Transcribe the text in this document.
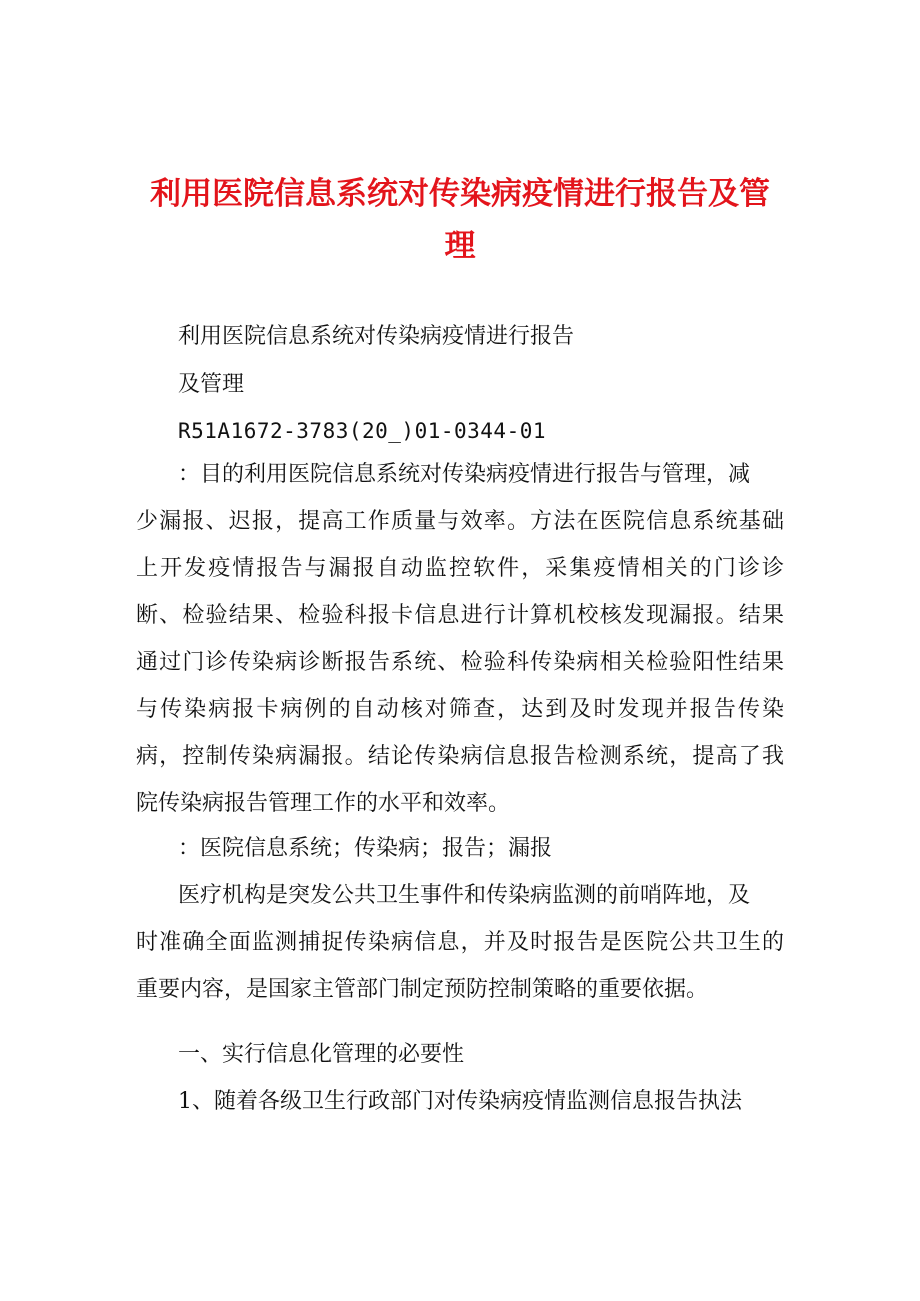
利用医院信息系统对传染病疫情进行报告及管
理

利用医院信息系统对传染病疫情进行报告

及管理

R51A1672-3783(20_)01-0344-01

：目的利用医院信息系统对传染病疫情进行报告与管理，减

少漏报、迟报，提高工作质量与效率。方法在医院信息系统基础

上开发疫情报告与漏报自动监控软件，采集疫情相关的门诊诊

断、检验结果、检验科报卡信息进行计算机校核发现漏报。结果

通过门诊传染病诊断报告系统、检验科传染病相关检验阳性结果

与传染病报卡病例的自动核对筛查，达到及时发现并报告传染

病，控制传染病漏报。结论传染病信息报告检测系统，提高了我

院传染病报告管理工作的水平和效率。

：医院信息系统；传染病；报告；漏报

医疗机构是突发公共卫生事件和传染病监测的前哨阵地，及

时准确全面监测捕捉传染病信息，并及时报告是医院公共卫生的

重要内容，是国家主管部门制定预防控制策略的重要依据。

一、实行信息化管理的必要性

1、随着各级卫生行政部门对传染病疫情监测信息报告执法
